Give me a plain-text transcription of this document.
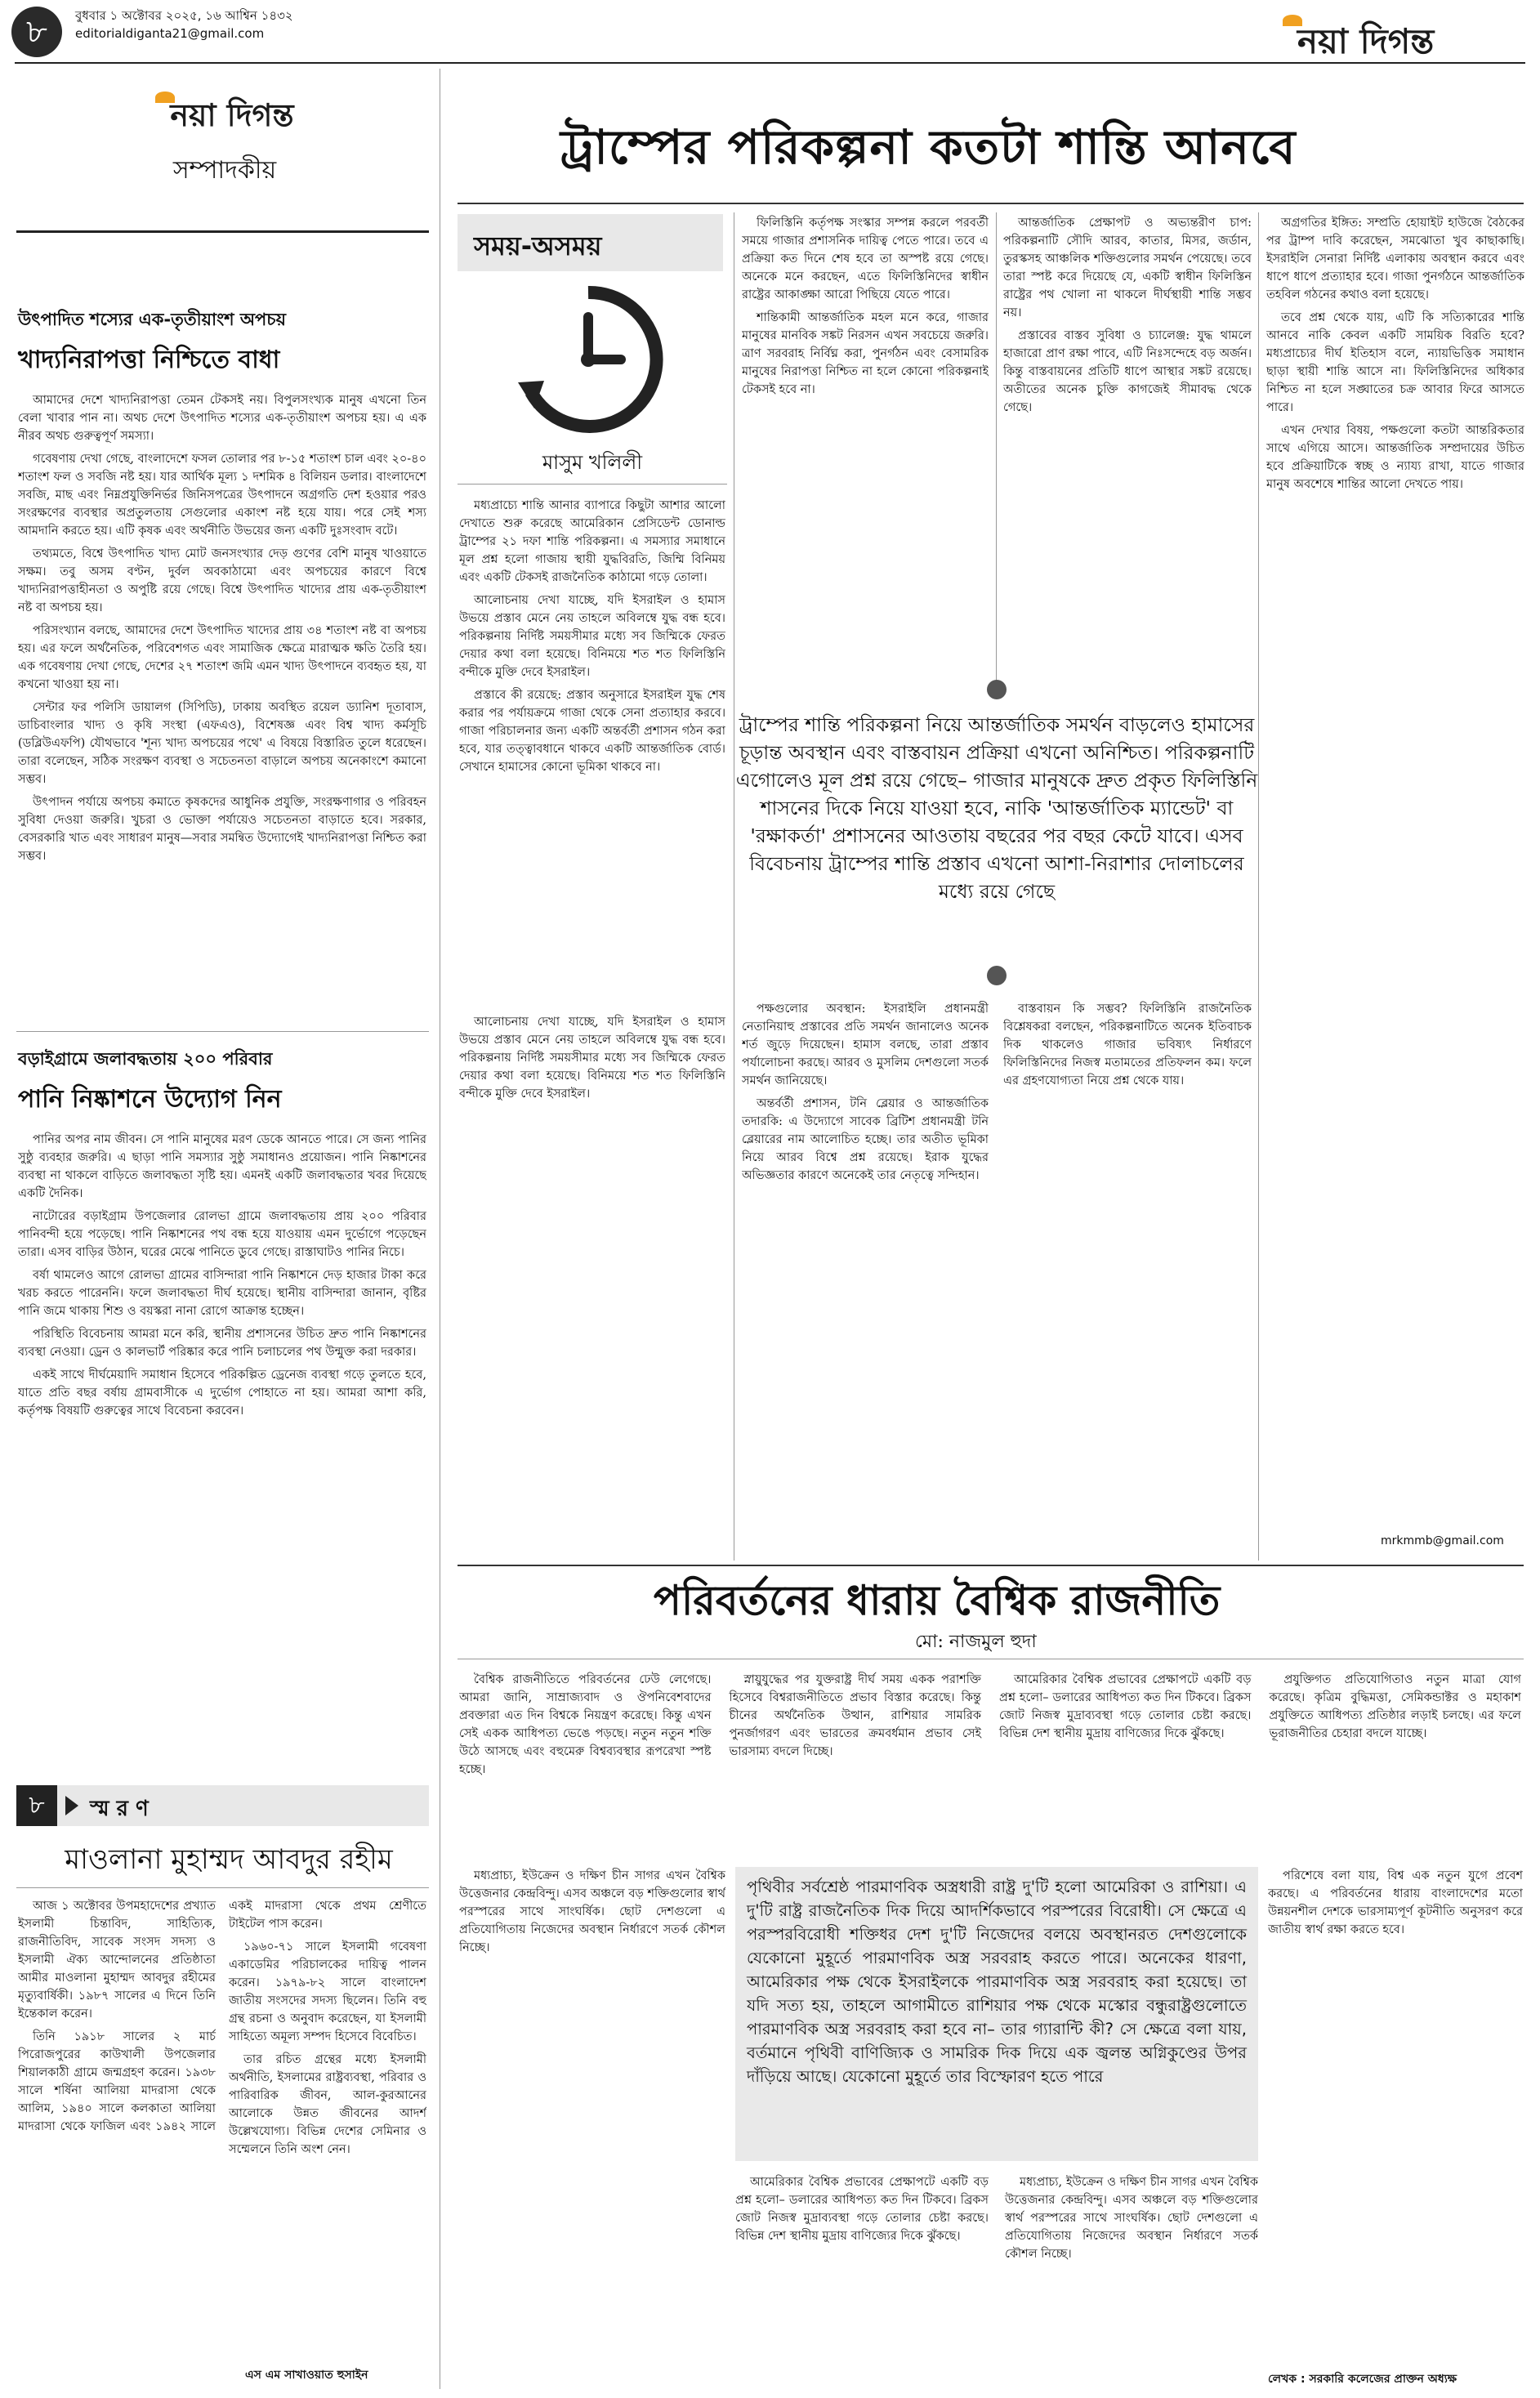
৮	বুধবার ১ অক্টোবর ২০২৫, ১৬ আশ্বিন ১৪৩২
editorialdiganta21@gmail.com	নয়া দিগন্ত
নয়া দিগন্ত
সম্পাদকীয়
উৎপাদিত শস্যের এক-তৃতীয়াংশ অপচয়
খাদ্যনিরাপত্তা নিশ্চিতে বাধা

আমাদের দেশে খাদ্যনিরাপত্তা তেমন টেকসই নয়। বিপুলসংখ্যক মানুষ এখনো তিন বেলা খাবার পান না। অথচ দেশে উৎপাদিত শস্যের এক-তৃতীয়াংশ অপচয় হয়। এ এক নীরব অথচ গুরুত্বপূর্ণ সমস্যা।

গবেষণায় দেখা গেছে, বাংলাদেশে ফসল তোলার পর ৮-১৫ শতাংশ চাল এবং ২০-৪০ শতাংশ ফল ও সবজি নষ্ট হয়। যার আর্থিক মূল্য ১ দশমিক ৪ বিলিয়ন ডলার। বাংলাদেশে সবজি, মাছ এবং নিম্নপ্রযুক্তিনির্ভর জিনিসপত্রের উৎপাদনে অগ্রগতি দেশ হওয়ার পরও সংরক্ষণের ব্যবস্থার অপ্রতুলতায় সেগুলোর একাংশ নষ্ট হয়ে যায়। পরে সেই শস্য আমদানি করতে হয়। এটি কৃষক এবং অর্থনীতি উভয়ের জন্য একটি দুঃসংবাদ বটে।

তথ্যমতে, বিশ্বে উৎপাদিত খাদ্য মোট জনসংখ্যার দেড় গুণের বেশি মানুষ খাওয়াতে সক্ষম। তবু অসম বণ্টন, দুর্বল অবকাঠামো এবং অপচয়ের কারণে বিশ্বে খাদ্যনিরাপত্তাহীনতা ও অপুষ্টি রয়ে গেছে। বিশ্বে উৎপাদিত খাদ্যের প্রায় এক-তৃতীয়াংশ নষ্ট বা অপচয় হয়।

পরিসংখ্যান বলছে, আমাদের দেশে উৎপাদিত খাদ্যের প্রায় ৩৪ শতাংশ নষ্ট বা অপচয় হয়। এর ফলে অর্থনৈতিক, পরিবেশগত এবং সামাজিক ক্ষেত্রে মারাত্মক ক্ষতি তৈরি হয়। এক গবেষণায় দেখা গেছে, দেশের ২৭ শতাংশ জমি এমন খাদ্য উৎপাদনে ব্যবহৃত হয়, যা কখনো খাওয়া হয় না।

সেন্টার ফর পলিসি ডায়ালগ (সিপিডি), ঢাকায় অবস্থিত রয়েল ড্যানিশ দূতাবাস, ডাচিবাংলার খাদ্য ও কৃষি সংস্থা (এফএও), বিশেষজ্ঞ এবং বিশ্ব খাদ্য কর্মসূচি (ডব্লিউএফপি) যৌথভাবে 'শূন্য খাদ্য অপচয়ের পথে' এ বিষয়ে বিস্তারিত তুলে ধরেছেন। তারা বলেছেন, সঠিক সংরক্ষণ ব্যবস্থা ও সচেতনতা বাড়ালে অপচয় অনেকাংশে কমানো সম্ভব।

উৎপাদন পর্যায়ে অপচয় কমাতে কৃষকদের আধুনিক প্রযুক্তি, সংরক্ষণাগার ও পরিবহন সুবিধা দেওয়া জরুরি। খুচরা ও ভোক্তা পর্যায়েও সচেতনতা বাড়াতে হবে। সরকার, বেসরকারি খাত এবং সাধারণ মানুষ—সবার সমন্বিত উদ্যোগেই খাদ্যনিরাপত্তা নিশ্চিত করা সম্ভব।

বড়াইগ্রামে জলাবদ্ধতায় ২০০ পরিবার
পানি নিষ্কাশনে উদ্যোগ নিন

পানির অপর নাম জীবন। সে পানি মানুষের মরণ ডেকে আনতে পারে। সে জন্য পানির সুষ্ঠু ব্যবহার জরুরি। এ ছাড়া পানি সমস্যার সুষ্ঠু সমাধানও প্রয়োজন। পানি নিষ্কাশনের ব্যবস্থা না থাকলে বাড়িতে জলাবদ্ধতা সৃষ্টি হয়। এমনই একটি জলাবদ্ধতার খবর দিয়েছে একটি দৈনিক।

নাটোরের বড়াইগ্রাম উপজেলার রোলভা গ্রামে জলাবদ্ধতায় প্রায় ২০০ পরিবার পানিবন্দী হয়ে পড়েছে। পানি নিষ্কাশনের পথ বন্ধ হয়ে যাওয়ায় এমন দুর্ভোগে পড়েছেন তারা। এসব বাড়ির উঠান, ঘরের মেঝে পানিতে ডুবে গেছে। রাস্তাঘাটও পানির নিচে।

বর্ষা থামলেও আগে রোলভা গ্রামের বাসিন্দারা পানি নিষ্কাশনে দেড় হাজার টাকা করে খরচ করতে পারেননি। ফলে জলাবদ্ধতা দীর্ঘ হয়েছে। স্থানীয় বাসিন্দারা জানান, বৃষ্টির পানি জমে থাকায় শিশু ও বয়স্করা নানা রোগে আক্রান্ত হচ্ছেন।

পরিস্থিতি বিবেচনায় আমরা মনে করি, স্থানীয় প্রশাসনের উচিত দ্রুত পানি নিষ্কাশনের ব্যবস্থা নেওয়া। ড্রেন ও কালভার্ট পরিষ্কার করে পানি চলাচলের পথ উন্মুক্ত করা দরকার।

একই সাথে দীর্ঘমেয়াদি সমাধান হিসেবে পরিকল্পিত ড্রেনেজ ব্যবস্থা গড়ে তুলতে হবে, যাতে প্রতি বছর বর্ষায় গ্রামবাসীকে এ দুর্ভোগ পোহাতে না হয়। আমরা আশা করি, কর্তৃপক্ষ বিষয়টি গুরুত্বের সাথে বিবেচনা করবেন।

৮	স্ম র ণ
মাওলানা মুহাম্মদ আবদুর রহীম

আজ ১ অক্টোবর উপমহাদেশের প্রখ্যাত ইসলামী চিন্তাবিদ, সাহিত্যিক, রাজনীতিবিদ, সাবেক সংসদ সদস্য ও ইসলামী ঐক্য আন্দোলনের প্রতিষ্ঠাতা আমীর মাওলানা মুহাম্মদ আবদুর রহীমের মৃত্যুবার্ষিকী। ১৯৮৭ সালের এ দিনে তিনি ইন্তেকাল করেন।

তিনি ১৯১৮ সালের ২ মার্চ পিরোজপুরের কাউখালী উপজেলার শিয়ালকাঠী গ্রামে জন্মগ্রহণ করেন। ১৯৩৮ সালে শর্ষিনা আলিয়া মাদরাসা থেকে আলিম, ১৯৪০ সালে কলকাতা আলিয়া মাদরাসা থেকে ফাজিল এবং ১৯৪২ সালে একই মাদরাসা থেকে প্রথম শ্রেণীতে টাইটেল পাস করেন।

১৯৬০-৭১ সালে ইসলামী গবেষণা একাডেমির পরিচালকের দায়িত্ব পালন করেন। ১৯৭৯-৮২ সালে বাংলাদেশ জাতীয় সংসদের সদস্য ছিলেন। তিনি বহু গ্রন্থ রচনা ও অনুবাদ করেছেন, যা ইসলামী সাহিত্যে অমূল্য সম্পদ হিসেবে বিবেচিত।

তার রচিত গ্রন্থের মধ্যে ইসলামী অর্থনীতি, ইসলামের রাষ্ট্রব্যবস্থা, পরিবার ও পারিবারিক জীবন, আল-কুরআনের আলোকে উন্নত জীবনের আদর্শ উল্লেখযোগ্য। বিভিন্ন দেশের সেমিনার ও সম্মেলনে তিনি অংশ নেন।

এস এম সাখাওয়াত হুসাইন
ট্রাম্পের পরিকল্পনা কতটা শান্তি আনবে
সময়-অসময়
মাসুম খলিলী

মধ্যপ্রাচ্যে শান্তি আনার ব্যাপারে কিছুটা আশার আলো দেখাতে শুরু করেছে আমেরিকান প্রেসিডেন্ট ডোনাল্ড ট্রাম্পের ২১ দফা শান্তি পরিকল্পনা। এ সমস্যার সমাধানে মূল প্রশ্ন হলো গাজায় স্থায়ী যুদ্ধবিরতি, জিম্মি বিনিময় এবং একটি টেকসই রাজনৈতিক কাঠামো গড়ে তোলা।

আলোচনায় দেখা যাচ্ছে, যদি ইসরাইল ও হামাস উভয়ে প্রস্তাব মেনে নেয় তাহলে অবিলম্বে যুদ্ধ বন্ধ হবে। পরিকল্পনায় নির্দিষ্ট সময়সীমার মধ্যে সব জিম্মিকে ফেরত দেয়ার কথা বলা হয়েছে। বিনিময়ে শত শত ফিলিস্তিনি বন্দীকে মুক্তি দেবে ইসরাইল।

প্রস্তাবে কী রয়েছে: প্রস্তাব অনুসারে ইসরাইল যুদ্ধ শেষ করার পর পর্যায়ক্রমে গাজা থেকে সেনা প্রত্যাহার করবে। গাজা পরিচালনার জন্য একটি অন্তর্বর্তী প্রশাসন গঠন করা হবে, যার তত্ত্বাবধানে থাকবে একটি আন্তর্জাতিক বোর্ড। সেখানে হামাসের কোনো ভূমিকা থাকবে না।

ফিলিস্তিনি কর্তৃপক্ষ সংস্কার সম্পন্ন করলে পরবর্তী সময়ে গাজার প্রশাসনিক দায়িত্ব পেতে পারে। তবে এ প্রক্রিয়া কত দিনে শেষ হবে তা অস্পষ্ট রয়ে গেছে। অনেকে মনে করছেন, এতে ফিলিস্তিনিদের স্বাধীন রাষ্ট্রের আকাঙ্ক্ষা আরো পিছিয়ে যেতে পারে।

শান্তিকামী আন্তর্জাতিক মহল মনে করে, গাজার মানুষের মানবিক সঙ্কট নিরসন এখন সবচেয়ে জরুরি। ত্রাণ সরবরাহ নির্বিঘ্ন করা, পুনর্গঠন এবং বেসামরিক মানুষের নিরাপত্তা নিশ্চিত না হলে কোনো পরিকল্পনাই টেকসই হবে না।

আন্তর্জাতিক প্রেক্ষাপট ও অভ্যন্তরীণ চাপ: পরিকল্পনাটি সৌদি আরব, কাতার, মিসর, জর্ডান, তুরস্কসহ আঞ্চলিক শক্তিগুলোর সমর্থন পেয়েছে। তবে তারা স্পষ্ট করে দিয়েছে যে, একটি স্বাধীন ফিলিস্তিন রাষ্ট্রের পথ খোলা না থাকলে দীর্ঘস্থায়ী শান্তি সম্ভব নয়।

প্রস্তাবের বাস্তব সুবিধা ও চ্যালেঞ্জ: যুদ্ধ থামলে হাজারো প্রাণ রক্ষা পাবে, এটি নিঃসন্দেহে বড় অর্জন। কিন্তু বাস্তবায়নের প্রতিটি ধাপে আস্থার সঙ্কট রয়েছে। অতীতের অনেক চুক্তি কাগজেই সীমাবদ্ধ থেকে গেছে।

অগ্রগতির ইঙ্গিত: সম্প্রতি হোয়াইট হাউজে বৈঠকের পর ট্রাম্প দাবি করেছেন, সমঝোতা খুব কাছাকাছি। ইসরাইলি সেনারা নির্দিষ্ট এলাকায় অবস্থান করবে এবং ধাপে ধাপে প্রত্যাহার হবে। গাজা পুনর্গঠনে আন্তর্জাতিক তহবিল গঠনের কথাও বলা হয়েছে।

তবে প্রশ্ন থেকে যায়, এটি কি সত্যিকারের শান্তি আনবে নাকি কেবল একটি সাময়িক বিরতি হবে? মধ্যপ্রাচ্যের দীর্ঘ ইতিহাস বলে, ন্যায়ভিত্তিক সমাধান ছাড়া স্থায়ী শান্তি আসে না। ফিলিস্তিনিদের অধিকার নিশ্চিত না হলে সঙ্ঘাতের চক্র আবার ফিরে আসতে পারে।

এখন দেখার বিষয়, পক্ষগুলো কতটা আন্তরিকতার সাথে এগিয়ে আসে। আন্তর্জাতিক সম্প্রদায়ের উচিত হবে প্রক্রিয়াটিকে স্বচ্ছ ও ন্যায্য রাখা, যাতে গাজার মানুষ অবশেষে শান্তির আলো দেখতে পায়।

ট্রাম্পের শান্তি পরিকল্পনা নিয়ে আন্তর্জাতিক সমর্থন বাড়লেও হামাসের চূড়ান্ত অবস্থান এবং বাস্তবায়ন প্রক্রিয়া এখনো অনিশ্চিত। পরিকল্পনাটি এগোলেও মূল প্রশ্ন রয়ে গেছে– গাজার মানুষকে দ্রুত প্রকৃত ফিলিস্তিনি শাসনের দিকে নিয়ে যাওয়া হবে, নাকি 'আন্তর্জাতিক ম্যান্ডেট' বা 'রক্ষাকর্তা' প্রশাসনের আওতায় বছরের পর বছর কেটে যাবে। এসব বিবেচনায় ট্রাম্পের শান্তি প্রস্তাব এখনো আশা-নিরাশার দোলাচলের মধ্যে রয়ে গেছে

পক্ষগুলোর অবস্থান: ইসরাইলি প্রধানমন্ত্রী নেতানিয়াহু প্রস্তাবের প্রতি সমর্থন জানালেও অনেক শর্ত জুড়ে দিয়েছেন। হামাস বলছে, তারা প্রস্তাব পর্যালোচনা করছে। আরব ও মুসলিম দেশগুলো সতর্ক সমর্থন জানিয়েছে।

অন্তর্বর্তী প্রশাসন, টনি ব্লেয়ার ও আন্তর্জাতিক তদারকি: এ উদ্যোগে সাবেক ব্রিটিশ প্রধানমন্ত্রী টনি ব্লেয়ারের নাম আলোচিত হচ্ছে। তার অতীত ভূমিকা নিয়ে আরব বিশ্বে প্রশ্ন রয়েছে। ইরাক যুদ্ধের অভিজ্ঞতার কারণে অনেকেই তার নেতৃত্বে সন্দিহান।

বাস্তবায়ন কি সম্ভব? ফিলিস্তিনি রাজনৈতিক বিশ্লেষকরা বলছেন, পরিকল্পনাটিতে অনেক ইতিবাচক দিক থাকলেও গাজার ভবিষ্যৎ নির্ধারণে ফিলিস্তিনিদের নিজস্ব মতামতের প্রতিফলন কম। ফলে এর গ্রহণযোগ্যতা নিয়ে প্রশ্ন থেকে যায়।

আলোচনায় দেখা যাচ্ছে, যদি ইসরাইল ও হামাস উভয়ে প্রস্তাব মেনে নেয় তাহলে অবিলম্বে যুদ্ধ বন্ধ হবে। পরিকল্পনায় নির্দিষ্ট সময়সীমার মধ্যে সব জিম্মিকে ফেরত দেয়ার কথা বলা হয়েছে। বিনিময়ে শত শত ফিলিস্তিনি বন্দীকে মুক্তি দেবে ইসরাইল।

mrkmmb@gmail.com
পরিবর্তনের ধারায় বৈশ্বিক রাজনীতি
মো: নাজমুল হুদা

বৈশ্বিক রাজনীতিতে পরিবর্তনের ঢেউ লেগেছে। আমরা জানি, সাম্রাজ্যবাদ ও ঔপনিবেশবাদের প্রবক্তারা এত দিন বিশ্বকে নিয়ন্ত্রণ করেছে। কিন্তু এখন সেই একক আধিপত্য ভেঙে পড়ছে। নতুন নতুন শক্তি উঠে আসছে এবং বহুমেরু বিশ্বব্যবস্থার রূপরেখা স্পষ্ট হচ্ছে।

স্নায়ুযুদ্ধের পর যুক্তরাষ্ট্র দীর্ঘ সময় একক পরাশক্তি হিসেবে বিশ্বরাজনীতিতে প্রভাব বিস্তার করেছে। কিন্তু চীনের অর্থনৈতিক উত্থান, রাশিয়ার সামরিক পুনর্জাগরণ এবং ভারতের ক্রমবর্ধমান প্রভাব সেই ভারসাম্য বদলে দিচ্ছে।

আমেরিকার বৈশ্বিক প্রভাবের প্রেক্ষাপটে একটি বড় প্রশ্ন হলো– ডলারের আধিপত্য কত দিন টিকবে। ব্রিকস জোট নিজস্ব মুদ্রাব্যবস্থা গড়ে তোলার চেষ্টা করছে। বিভিন্ন দেশ স্থানীয় মুদ্রায় বাণিজ্যের দিকে ঝুঁকছে।

প্রযুক্তিগত প্রতিযোগিতাও নতুন মাত্রা যোগ করেছে। কৃত্রিম বুদ্ধিমত্তা, সেমিকন্ডাক্টর ও মহাকাশ প্রযুক্তিতে আধিপত্য প্রতিষ্ঠার লড়াই চলছে। এর ফলে ভূরাজনীতির চেহারা বদলে যাচ্ছে।

পৃথিবীর সর্বশ্রেষ্ঠ পারমাণবিক অস্ত্রধারী রাষ্ট্র দু'টি হলো আমেরিকা ও রাশিয়া। এ দু'টি রাষ্ট্র রাজনৈতিক দিক দিয়ে আদর্শিকভাবে পরস্পরের বিরোধী। সে ক্ষেত্রে এ পরস্পরবিরোধী শক্তিধর দেশ দু'টি নিজেদের বলয়ে অবস্থানরত দেশগুলোকে যেকোনো মুহূর্তে পারমাণবিক অস্ত্র সরবরাহ করতে পারে। অনেকের ধারণা, আমেরিকার পক্ষ থেকে ইসরাইলকে পারমাণবিক অস্ত্র সরবরাহ করা হয়েছে। তা যদি সত্য হয়, তাহলে আগামীতে রাশিয়ার পক্ষ থেকে মস্কোর বন্ধুরাষ্ট্রগুলোতে পারমাণবিক অস্ত্র সরবরাহ করা হবে না– তার গ্যারান্টি কী? সে ক্ষেত্রে বলা যায়, বর্তমানে পৃথিবী বাণিজ্যিক ও সামরিক দিক দিয়ে এক জ্বলন্ত অগ্নিকুণ্ডের উপর দাঁড়িয়ে আছে। যেকোনো মুহূর্তে তার বিস্ফোরণ হতে পারে

মধ্যপ্রাচ্য, ইউক্রেন ও দক্ষিণ চীন সাগর এখন বৈশ্বিক উত্তেজনার কেন্দ্রবিন্দু। এসব অঞ্চলে বড় শক্তিগুলোর স্বার্থ পরস্পরের সাথে সাংঘর্ষিক। ছোট দেশগুলো এ প্রতিযোগিতায় নিজেদের অবস্থান নির্ধারণে সতর্ক কৌশল নিচ্ছে।

পরিশেষে বলা যায়, বিশ্ব এক নতুন যুগে প্রবেশ করছে। এ পরিবর্তনের ধারায় বাংলাদেশের মতো উন্নয়নশীল দেশকে ভারসাম্যপূর্ণ কূটনীতি অনুসরণ করে জাতীয় স্বার্থ রক্ষা করতে হবে।

আমেরিকার বৈশ্বিক প্রভাবের প্রেক্ষাপটে একটি বড় প্রশ্ন হলো– ডলারের আধিপত্য কত দিন টিকবে। ব্রিকস জোট নিজস্ব মুদ্রাব্যবস্থা গড়ে তোলার চেষ্টা করছে। বিভিন্ন দেশ স্থানীয় মুদ্রায় বাণিজ্যের দিকে ঝুঁকছে।

মধ্যপ্রাচ্য, ইউক্রেন ও দক্ষিণ চীন সাগর এখন বৈশ্বিক উত্তেজনার কেন্দ্রবিন্দু। এসব অঞ্চলে বড় শক্তিগুলোর স্বার্থ পরস্পরের সাথে সাংঘর্ষিক। ছোট দেশগুলো এ প্রতিযোগিতায় নিজেদের অবস্থান নির্ধারণে সতর্ক কৌশল নিচ্ছে।

লেখক : সরকারি কলেজের প্রাক্তন অধ্যক্ষ
